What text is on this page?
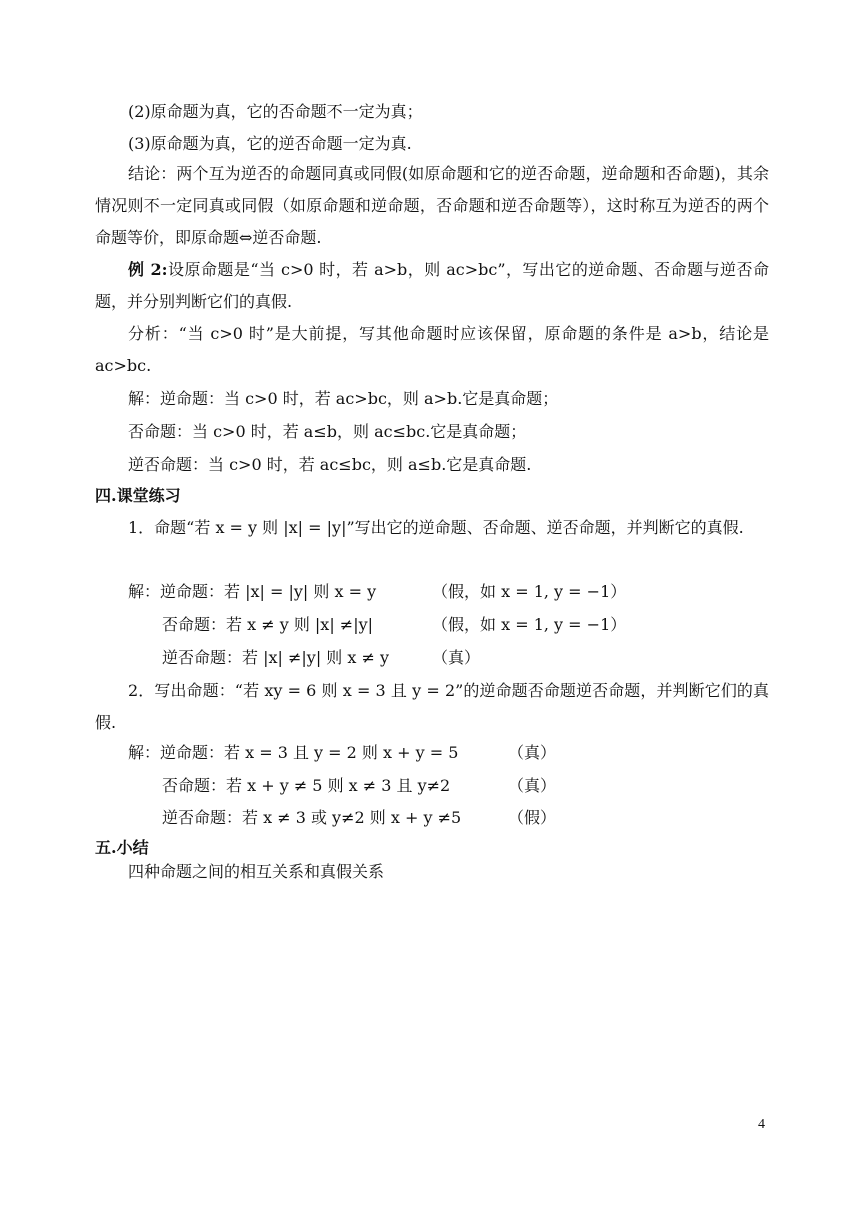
(2)原命题为真，它的否命题不一定为真；
(3)原命题为真，它的逆否命题一定为真.
结论：两个互为逆否的命题同真或同假(如原命题和它的逆否命题，逆命题和否命题)，其余情况则不一定同真或同假（如原命题和逆命题，否命题和逆否命题等），这时称互为逆否的两个命题等价，即原命题⇔逆否命题.
例 2:设原命题是“当 c>0 时，若 a>b，则 ac>bc”，写出它的逆命题、否命题与逆否命题，并分别判断它们的真假.
分析：“当 c>0 时”是大前提，写其他命题时应该保留，原命题的条件是 a>b，结论是 ac>bc.
解：逆命题：当 c>0 时，若 ac>bc，则 a>b.它是真命题；
否命题：当 c>0 时，若 a≤b，则 ac≤bc.它是真命题；
逆否命题：当 c>0 时，若 ac≤bc，则 a≤b.它是真命题.
四.课堂练习
1．命题“若 x = y 则 |x| = |y|”写出它的逆命题、否命题、逆否命题，并判断它的真假.
解：逆命题：若 |x| = |y| 则 x = y	（假，如 x = 1, y = −1）
否命题：若 x ≠ y 则 |x| ≠|y|	（假，如 x = 1, y = −1）
逆否命题：若 |x| ≠|y| 则 x ≠ y	（真）
2．写出命题：“若 xy = 6 则 x = 3 且 y = 2”的逆命题否命题逆否命题，并判断它们的真假.
解：逆命题：若 x = 3 且 y = 2 则 x + y = 5	（真）
否命题：若 x + y ≠ 5 则 x ≠ 3 且 y≠2	（真）
逆否命题：若 x ≠ 3 或 y≠2 则 x + y ≠5	（假）
五.小结
四种命题之间的相互关系和真假关系
4
